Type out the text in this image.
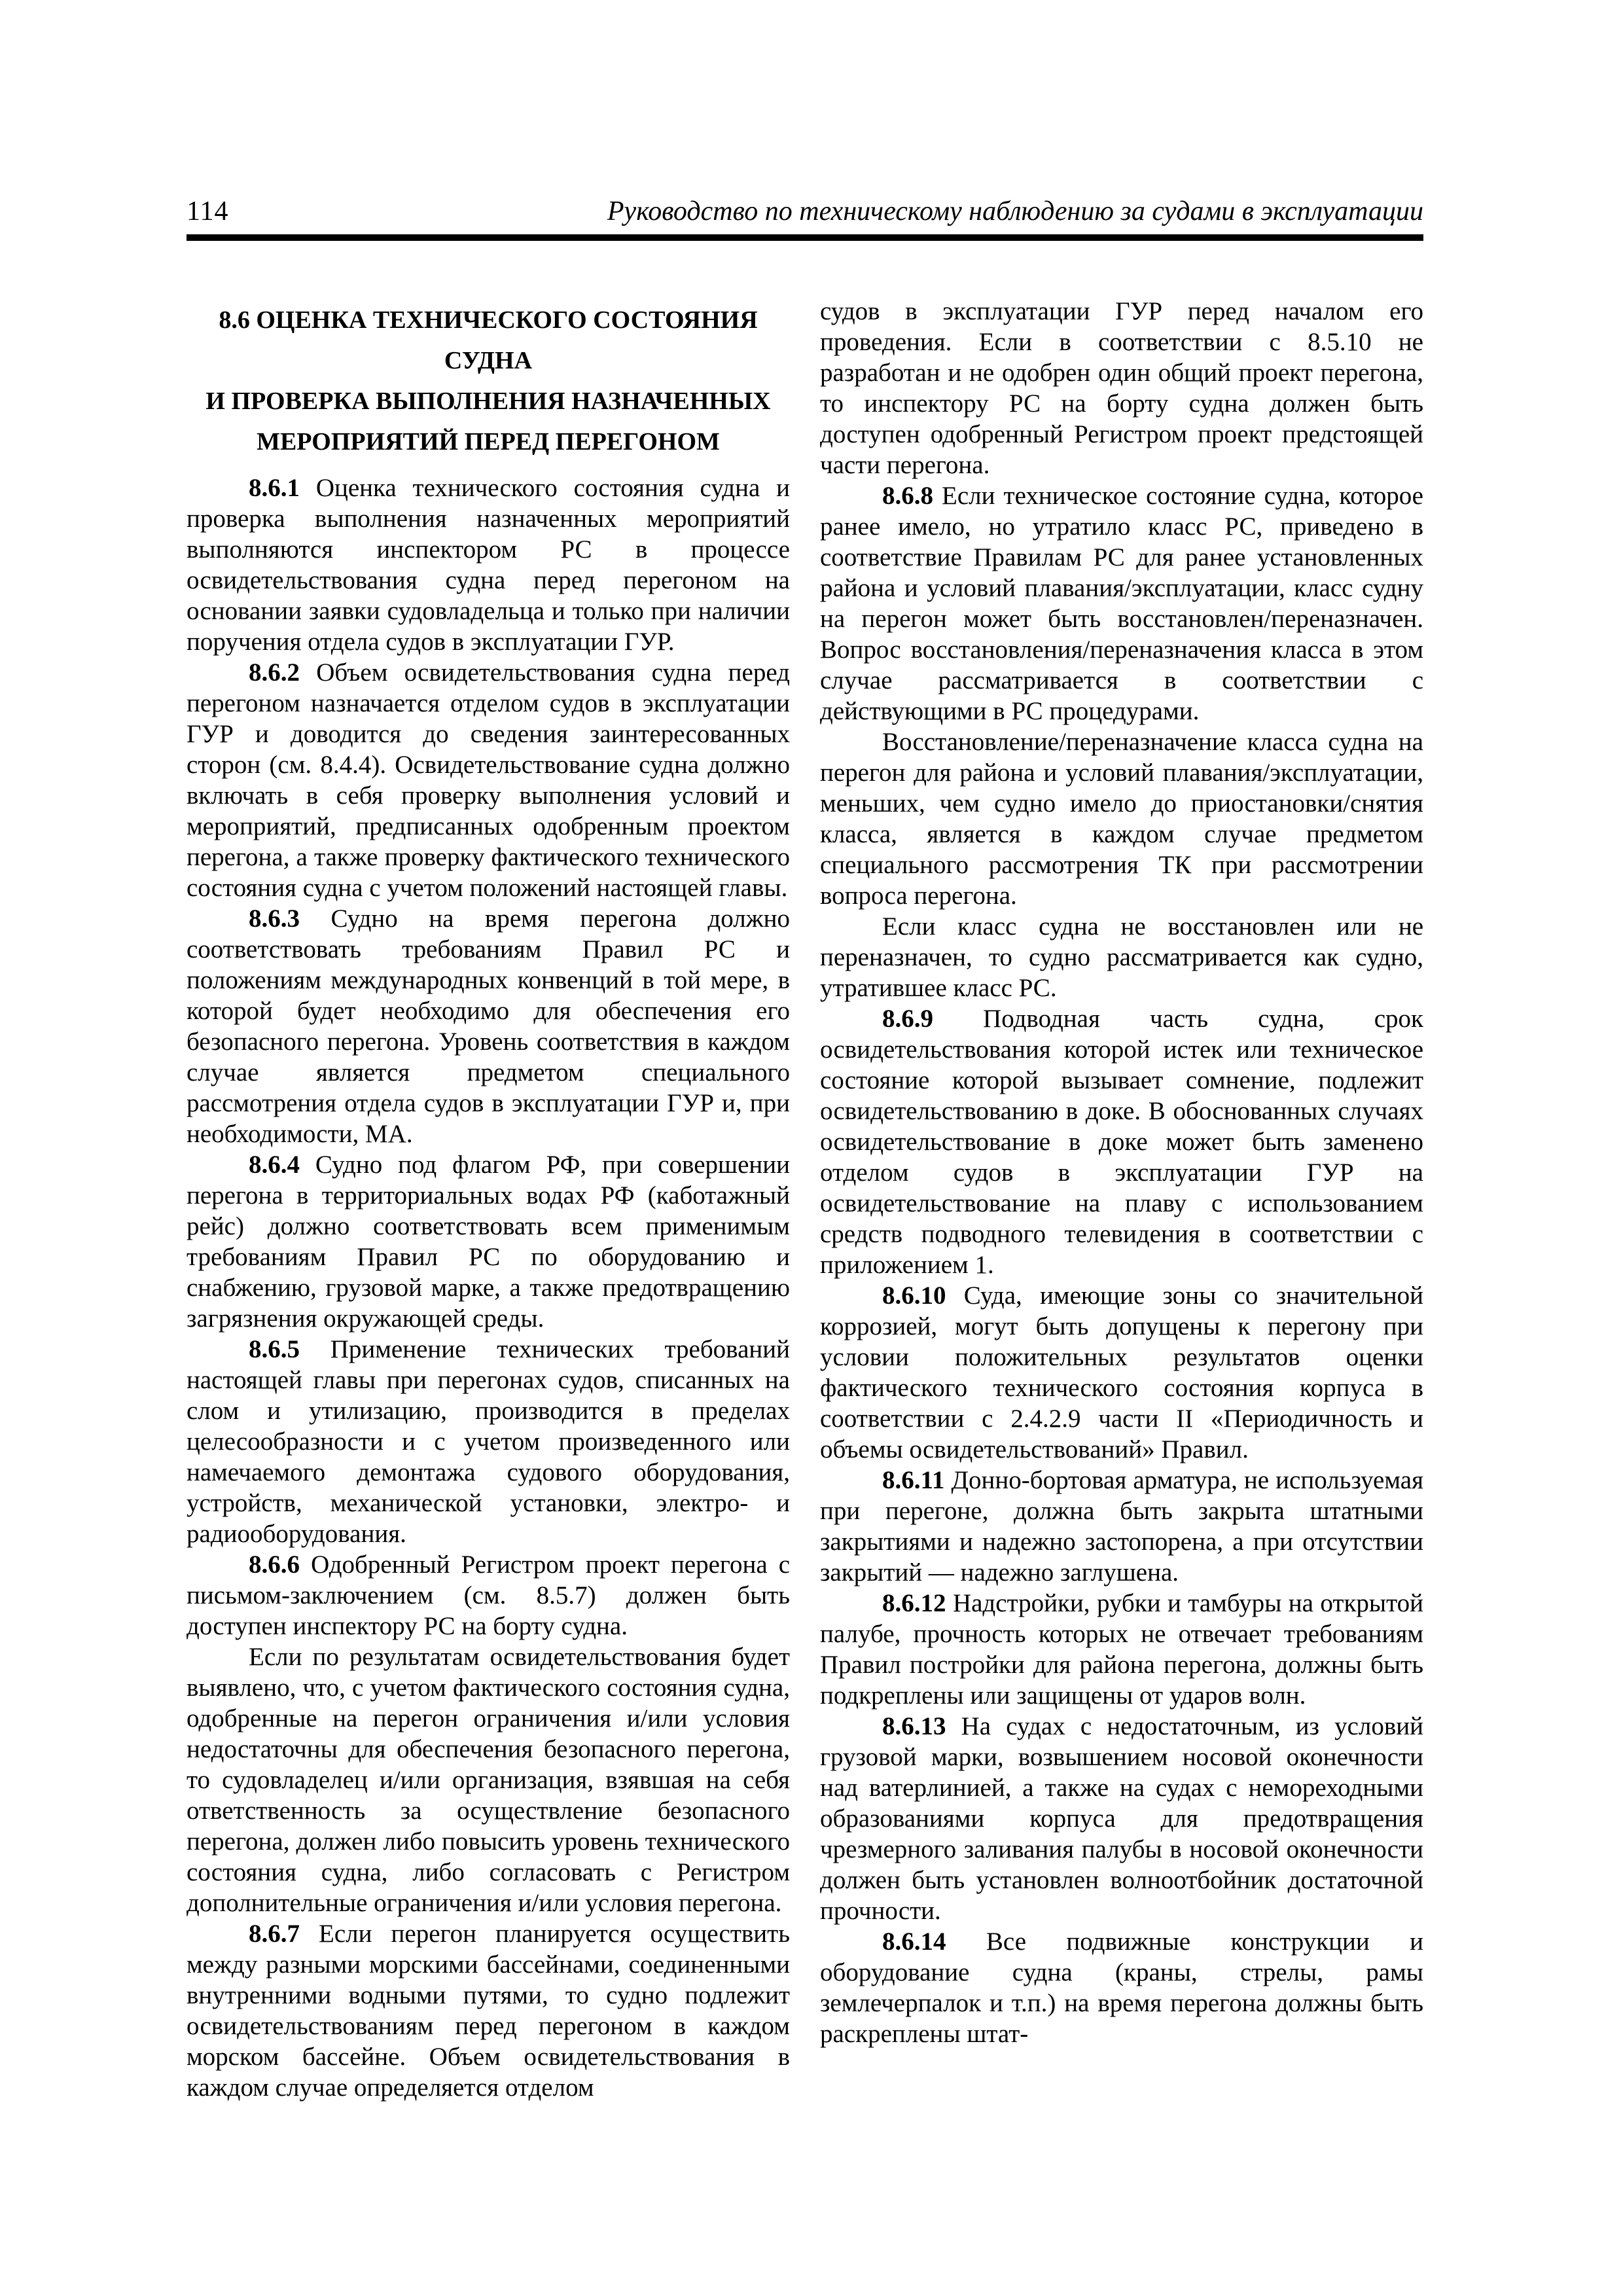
114	Руководство по техническому наблюдению за судами в эксплуатации
8.6 ОЦЕНКА ТЕХНИЧЕСКОГО СОСТОЯНИЯ СУДНА
И ПРОВЕРКА ВЫПОЛНЕНИЯ НАЗНАЧЕННЫХ
МЕРОПРИЯТИЙ ПЕРЕД ПЕРЕГОНОМ

8.6.1 Оценка технического состояния судна и проверка выполнения назначенных мероприятий выполняются инспектором РС в процессе освидетельствования судна перед перегоном на основании заявки судовладельца и только при наличии поручения отдела судов в эксплуатации ГУР.

8.6.2 Объем освидетельствования судна перед перегоном назначается отделом судов в эксплуатации ГУР и доводится до сведения заинтересованных сторон (см. 8.4.4). Освидетельствование судна должно включать в себя проверку выполнения условий и мероприятий, предписанных одобренным проектом перегона, а также проверку фактического технического состояния судна с учетом положений настоящей главы.

8.6.3 Судно на время перегона должно соответствовать требованиям Правил РС и положениям международных конвенций в той мере, в которой будет необходимо для обеспечения его безопасного перегона. Уровень соответствия в каждом случае является предметом специального рассмотрения отдела судов в эксплуатации ГУР и, при необходимости, МА.

8.6.4 Судно под флагом РФ, при совершении перегона в территориальных водах РФ (каботажный рейс) должно соответствовать всем применимым требованиям Правил РС по оборудованию и снабжению, грузовой марке, а также предотвращению загрязнения окружающей среды.

8.6.5 Применение технических требований настоящей главы при перегонах судов, списанных на слом и утилизацию, производится в пределах целесообразности и с учетом произведенного или намечаемого демонтажа судового оборудования, устройств, механической установки, электро- и радиооборудования.

8.6.6 Одобренный Регистром проект перегона с письмом-заключением (см. 8.5.7) должен быть доступен инспектору РС на борту судна.

Если по результатам освидетельствования будет выявлено, что, с учетом фактического состояния судна, одобренные на перегон ограничения и/или условия недостаточны для обеспечения безопасного перегона, то судовладелец и/или организация, взявшая на себя ответственность за осуществление безопасного перегона, должен либо повысить уровень технического состояния судна, либо согласовать с Регистром дополнительные ограничения и/или условия перегона.

8.6.7 Если перегон планируется осуществить между разными морскими бассейнами, соединенными внутренними водными путями, то судно подлежит освидетельствованиям перед перегоном в каждом морском бассейне. Объем освидетельствования в каждом случае определяется отделом

судов в эксплуатации ГУР перед началом его проведения. Если в соответствии с 8.5.10 не разработан и не одобрен один общий проект перегона, то инспектору РС на борту судна должен быть доступен одобренный Регистром проект предстоящей части перегона.

8.6.8 Если техническое состояние судна, которое ранее имело, но утратило класс РС, приведено в соответствие Правилам РС для ранее установленных района и условий плавания/эксплуатации, класс судну на перегон может быть восстановлен/переназначен. Вопрос восстановления/переназначения класса в этом случае рассматривается в соответствии с действующими в РС процедурами.

Восстановление/переназначение класса судна на перегон для района и условий плавания/эксплуатации, меньших, чем судно имело до приостановки/снятия класса, является в каждом случае предметом специального рассмотрения ТК при рассмотрении вопроса перегона.

Если класс судна не восстановлен или не переназначен, то судно рассматривается как судно, утратившее класс РС.

8.6.9 Подводная часть судна, срок освидетельствования которой истек или техническое состояние которой вызывает сомнение, подлежит освидетельствованию в доке. В обоснованных случаях освидетельствование в доке может быть заменено отделом судов в эксплуатации ГУР на освидетельствование на плаву с использованием средств подводного телевидения в соответствии с приложением 1.

8.6.10 Суда, имеющие зоны со значительной коррозией, могут быть допущены к перегону при условии положительных результатов оценки фактического технического состояния корпуса в соответствии с 2.4.2.9 части II «Периодичность и объемы освидетельствований» Правил.

8.6.11 Донно-бортовая арматура, не используемая при перегоне, должна быть закрыта штатными закрытиями и надежно застопорена, а при отсутствии закрытий — надежно заглушена.

8.6.12 Надстройки, рубки и тамбуры на открытой палубе, прочность которых не отвечает требованиям Правил постройки для района перегона, должны быть подкреплены или защищены от ударов волн.

8.6.13 На судах с недостаточным, из условий грузовой марки, возвышением носовой оконечности над ватерлинией, а также на судах с немореходными образованиями корпуса для предотвращения чрезмерного заливания палубы в носовой оконечности должен быть установлен волноотбойник достаточной прочности.

8.6.14 Все подвижные конструкции и оборудование судна (краны, стрелы, рамы землечерпалок и т.п.) на время перегона должны быть раскреплены штат-
